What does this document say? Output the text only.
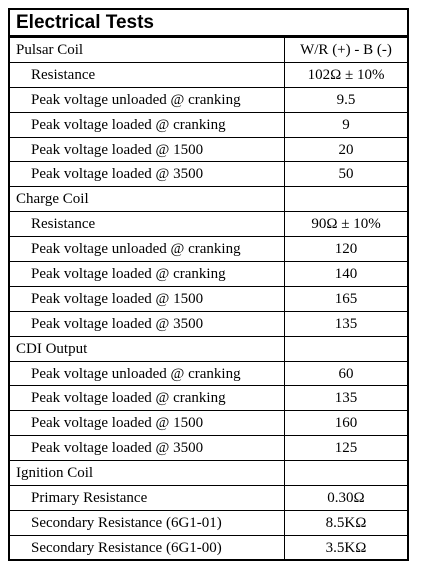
Electrical Tests
Pulsar Coil	W/R (+) - B (-)
Resistance	102Ω ± 10%
Peak voltage unloaded @ cranking	9.5
Peak voltage loaded @ cranking	9
Peak voltage loaded @ 1500	20
Peak voltage loaded @ 3500	50
Charge Coil
Resistance	90Ω ± 10%
Peak voltage unloaded @ cranking	120
Peak voltage loaded @ cranking	140
Peak voltage loaded @ 1500	165
Peak voltage loaded @ 3500	135
CDI Output
Peak voltage unloaded @ cranking	60
Peak voltage loaded @ cranking	135
Peak voltage loaded @ 1500	160
Peak voltage loaded @ 3500	125
Ignition Coil
Primary Resistance	0.30Ω
Secondary Resistance (6G1-01)	8.5KΩ
Secondary Resistance (6G1-00)	3.5KΩ
